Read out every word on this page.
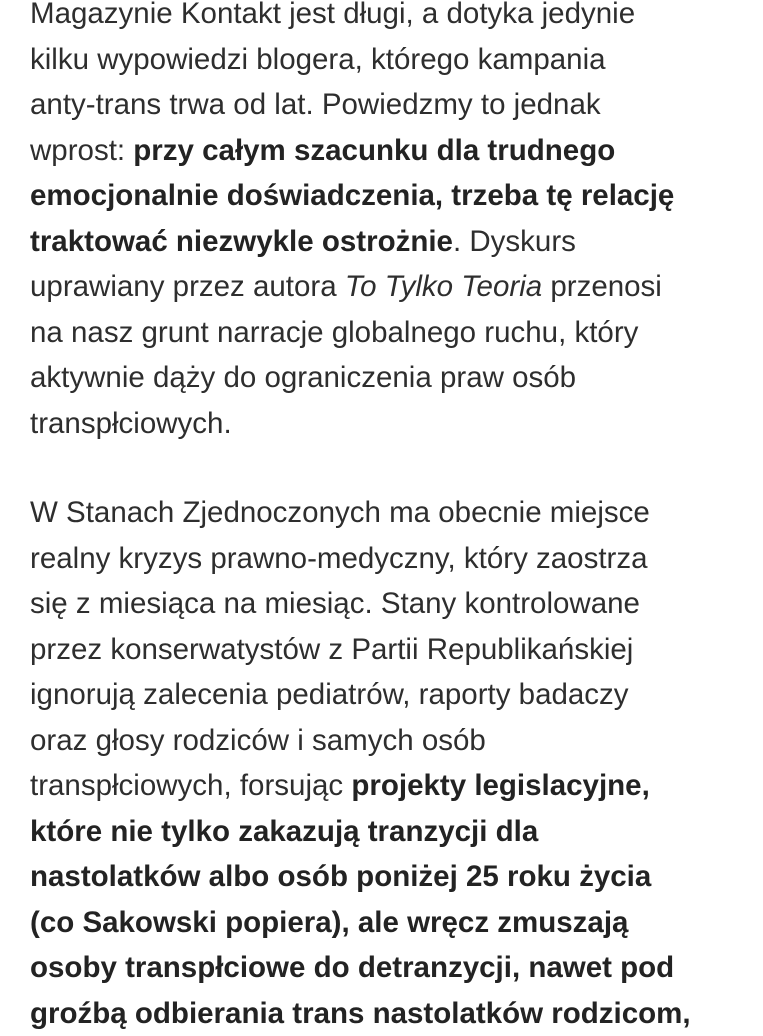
Magazynie Kontakt jest długi, a dotyka jedynie
kilku wypowiedzi blogera, którego kampania
anty-trans trwa od lat. Powiedzmy to jednak
wprost: przy całym szacunku dla trudnego
emocjonalnie doświadczenia, trzeba tę relację
traktować niezwykle ostrożnie. Dyskurs
uprawiany przez autora To Tylko Teoria przenosi
na nasz grunt narracje globalnego ruchu, który
aktywnie dąży do ograniczenia praw osób
transpłciowych.

W Stanach Zjednoczonych ma obecnie miejsce
realny kryzys prawno-medyczny, który zaostrza
się z miesiąca na miesiąc. Stany kontrolowane
przez konserwatystów z Partii Republikańskiej
ignorują zalecenia pediatrów, raporty badaczy
oraz głosy rodziców i samych osób
transpłciowych, forsując projekty legislacyjne,
które nie tylko zakazują tranzycji dla
nastolatków albo osób poniżej 25 roku życia
(co Sakowski popiera), ale wręcz zmuszają
osoby transpłciowe do detranzycji, nawet pod
groźbą odbierania trans nastolatków rodzicom,
